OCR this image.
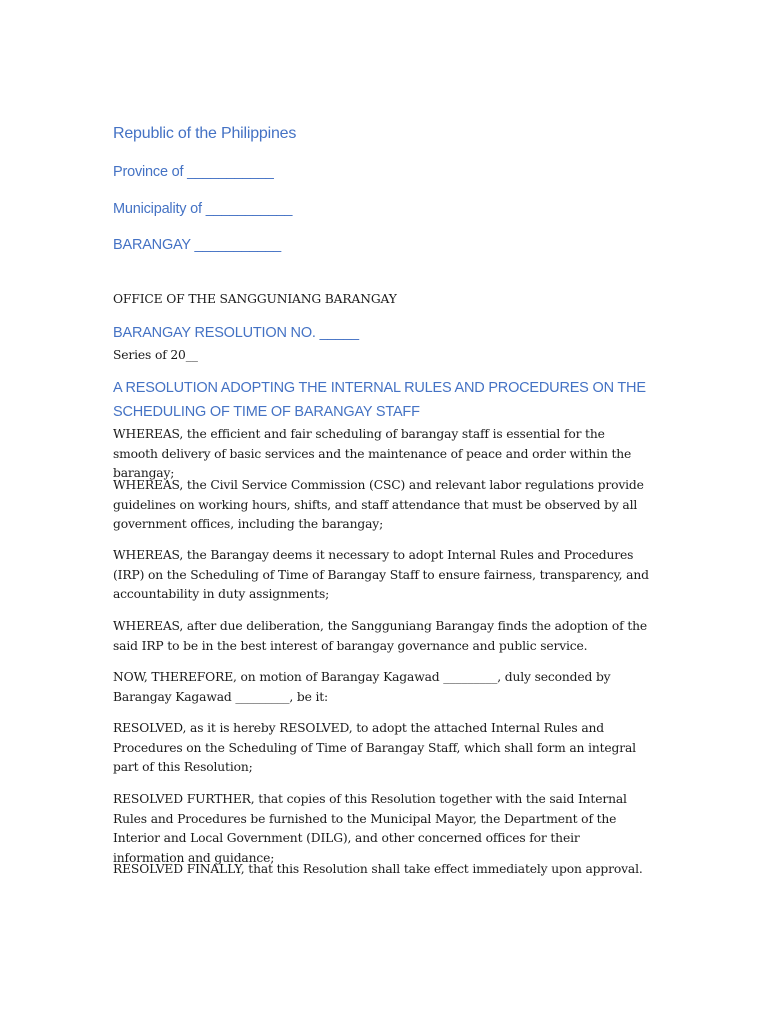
Republic of the Philippines
Province of ___________
Municipality of ___________
BARANGAY ___________

OFFICE OF THE SANGGUNIANG BARANGAY

BARANGAY RESOLUTION NO. _____

Series of 20__

A RESOLUTION ADOPTING THE INTERNAL RULES AND PROCEDURES ON THE SCHEDULING OF TIME OF BARANGAY STAFF

WHEREAS, the efficient and fair scheduling of barangay staff is essential for the smooth delivery of basic services and the maintenance of peace and order within the barangay;

WHEREAS, the Civil Service Commission (CSC) and relevant labor regulations provide guidelines on working hours, shifts, and staff attendance that must be observed by all government offices, including the barangay;

WHEREAS, the Barangay deems it necessary to adopt Internal Rules and Procedures (IRP) on the Scheduling of Time of Barangay Staff to ensure fairness, transparency, and accountability in duty assignments;

WHEREAS, after due deliberation, the Sangguniang Barangay finds the adoption of the said IRP to be in the best interest of barangay governance and public service.

NOW, THEREFORE, on motion of Barangay Kagawad _________, duly seconded by Barangay Kagawad _________, be it:

RESOLVED, as it is hereby RESOLVED, to adopt the attached Internal Rules and Procedures on the Scheduling of Time of Barangay Staff, which shall form an integral part of this Resolution;

RESOLVED FURTHER, that copies of this Resolution together with the said Internal Rules and Procedures be furnished to the Municipal Mayor, the Department of the Interior and Local Government (DILG), and other concerned offices for their information and guidance;

RESOLVED FINALLY, that this Resolution shall take effect immediately upon approval.
